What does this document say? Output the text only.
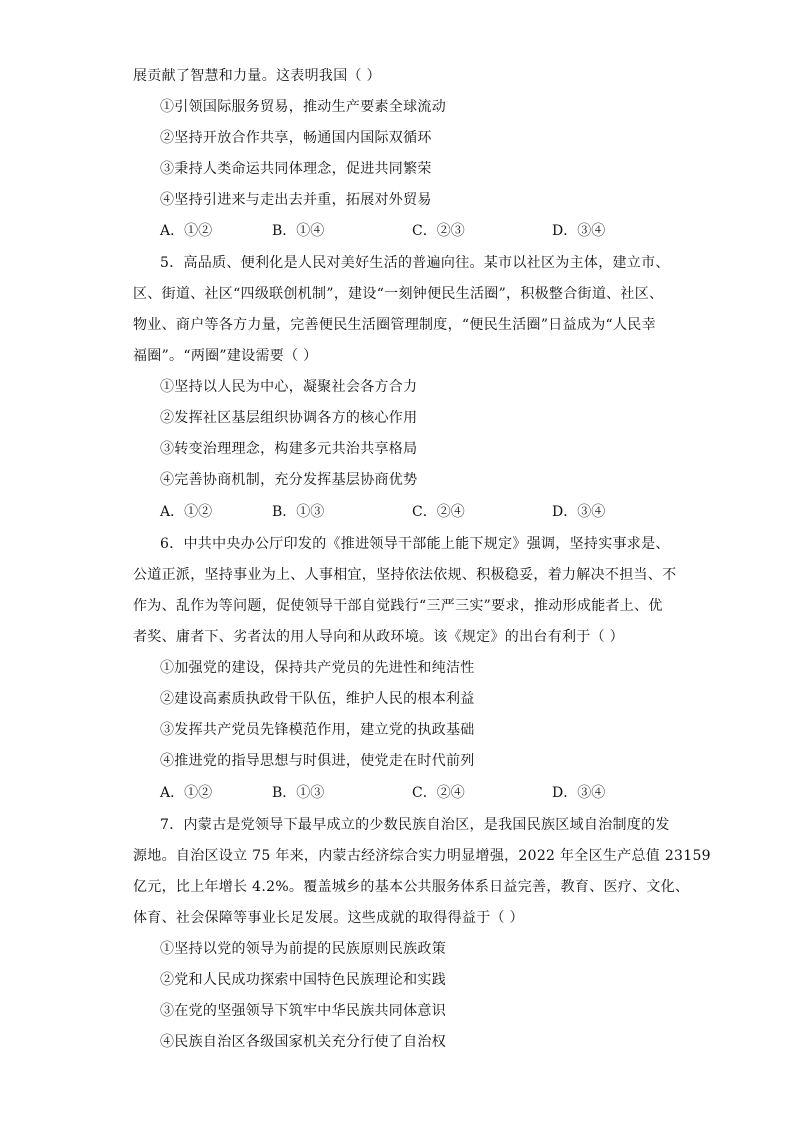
展贡献了智慧和力量。这表明我国（ ）
①引领国际服务贸易，推动生产要素全球流动
②坚持开放合作共享，畅通国内国际双循环
③秉持人类命运共同体理念，促进共同繁荣
④坚持引进来与走出去并重，拓展对外贸易
A．①②	B．①④	C．②③	D．③④
5．高品质、便利化是人民对美好生活的普遍向往。某市以社区为主体，建立市、
区、街道、社区“四级联创机制”，建设“一刻钟便民生活圈”，积极整合街道、社区、
物业、商户等各方力量，完善便民生活圈管理制度，“便民生活圈”日益成为“人民幸
福圈”。“两圈”建设需要（ ）
①坚持以人民为中心，凝聚社会各方合力
②发挥社区基层组织协调各方的核心作用
③转变治理理念，构建多元共治共享格局
④完善协商机制，充分发挥基层协商优势
A．①②	B．①③	C．②④	D．③④
6．中共中央办公厅印发的《推进领导干部能上能下规定》强调，坚持实事求是、
公道正派，坚持事业为上、人事相宜，坚持依法依规、积极稳妥，着力解决不担当、不
作为、乱作为等问题，促使领导干部自觉践行“三严三实”要求，推动形成能者上、优
者奖、庸者下、劣者汰的用人导向和从政环境。该《规定》的出台有利于（ ）
①加强党的建设，保持共产党员的先进性和纯洁性
②建设高素质执政骨干队伍，维护人民的根本利益
③发挥共产党员先锋模范作用，建立党的执政基础
④推进党的指导思想与时俱进，使党走在时代前列
A．①②	B．①③	C．②④	D．③④
7．内蒙古是党领导下最早成立的少数民族自治区，是我国民族区域自治制度的发
源地。自治区设立 75 年来，内蒙古经济综合实力明显增强，2022 年全区生产总值 23159
亿元，比上年增长 4.2%。覆盖城乡的基本公共服务体系日益完善，教育、医疗、文化、
体育、社会保障等事业长足发展。这些成就的取得得益于（ ）
①坚持以党的领导为前提的民族原则民族政策
②党和人民成功探索中国特色民族理论和实践
③在党的坚强领导下筑牢中华民族共同体意识
④民族自治区各级国家机关充分行使了自治权
